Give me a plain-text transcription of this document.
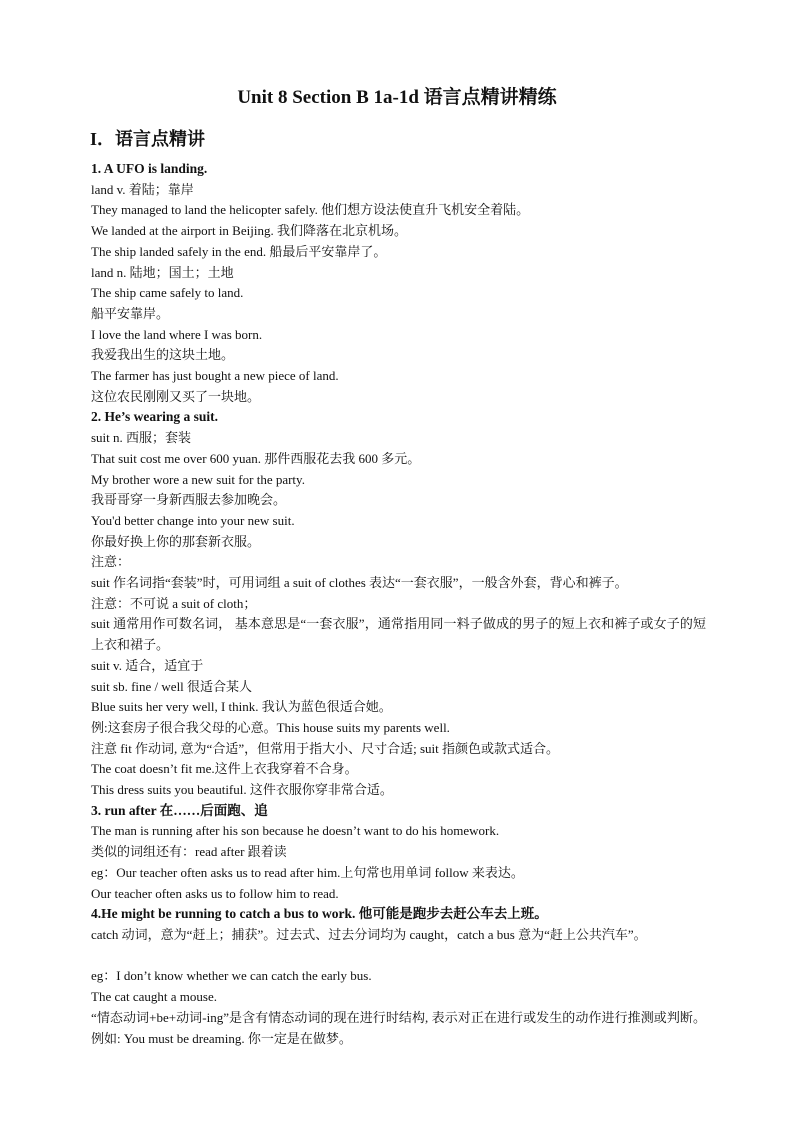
Unit 8 Section B 1a-1d 语言点精讲精练
I．语言点精讲
1. A UFO is landing.
land v. 着陆；靠岸
They managed to land the helicopter safely. 他们想方设法使直升飞机安全着陆。
We landed at the airport in Beijing. 我们降落在北京机场。
The ship landed safely in the end. 船最后平安靠岸了。
land n. 陆地；国土；土地
The ship came safely to land.
船平安靠岸。
I love the land where I was born.
我爱我出生的这块土地。
The farmer has just bought a new piece of land.
这位农民刚刚又买了一块地。
2. He’s wearing a suit.
suit n. 西服；套装
That suit cost me over 600 yuan. 那件西服花去我 600 多元。
My brother wore a new suit for the party.
我哥哥穿一身新西服去参加晚会。
You'd better change into your new suit.
你最好换上你的那套新衣服。
注意：
suit 作名词指“套装”时，可用词组 a suit of clothes 表达“一套衣服”，一般含外套，背心和裤子。
注意：不可说 a suit of cloth；
suit 通常用作可数名词， 基本意思是“一套衣服”，通常指用同一料子做成的男子的短上衣和裤子或女子的短上衣和裙子。
suit v. 适合，适宜于
suit sb. fine / well 很适合某人
Blue suits her very well, I think. 我认为蓝色很适合她。
例:这套房子很合我父母的心意。This house suits my parents well.
注意 fit 作动词, 意为“合适”，但常用于指大小、尺寸合适; suit 指颜色或款式适合。
The coat doesn’t fit me.这件上衣我穿着不合身。
This dress suits you beautiful. 这件衣服你穿非常合适。
3. run after 在……后面跑、追
The man is running after his son because he doesn’t want to do his homework.
类似的词组还有：read after 跟着读
eg：Our teacher often asks us to read after him.上句常也用单词 follow 来表达。
Our teacher often asks us to follow him to read.
4.He might be running to catch a bus to work. 他可能是跑步去赶公车去上班。
catch 动词，意为“赶上；捕获”。过去式、过去分词均为 caught，catch a bus 意为“赶上公共汽车”。
eg：I don’t know whether we can catch the early bus.
The cat caught a mouse.
“情态动词+be+动词-ing”是含有情态动词的现在进行时结构, 表示对正在进行或发生的动作进行推测或判断。例如: You must be dreaming. 你一定是在做梦。
